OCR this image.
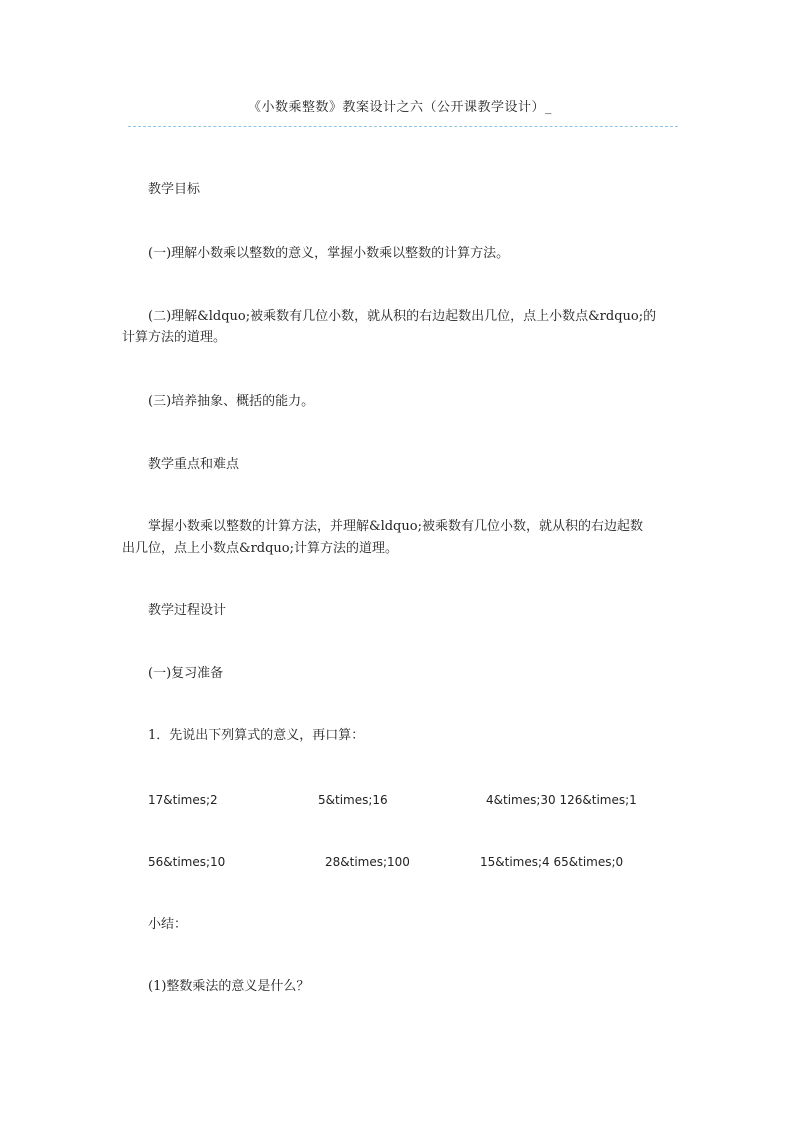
《小数乘整数》教案设计之六（公开课教学设计）_
教学目标
(一)理解小数乘以整数的意义，掌握小数乘以整数的计算方法。
(二)理解&ldquo;被乘数有几位小数，就从积的右边起数出几位，点上小数点&rdquo;的
计算方法的道理。
(三)培养抽象、概括的能力。
教学重点和难点
掌握小数乘以整数的计算方法，并理解&ldquo;被乘数有几位小数，就从积的右边起数
出几位，点上小数点&rdquo;计算方法的道理。
教学过程设计
(一)复习准备
1．先说出下列算式的意义，再口算：
17&times;2	5&times;16	4&times;30 126&times;1
56&times;10	28&times;100	15&times;4 65&times;0
小结：
(1)整数乘法的意义是什么？
